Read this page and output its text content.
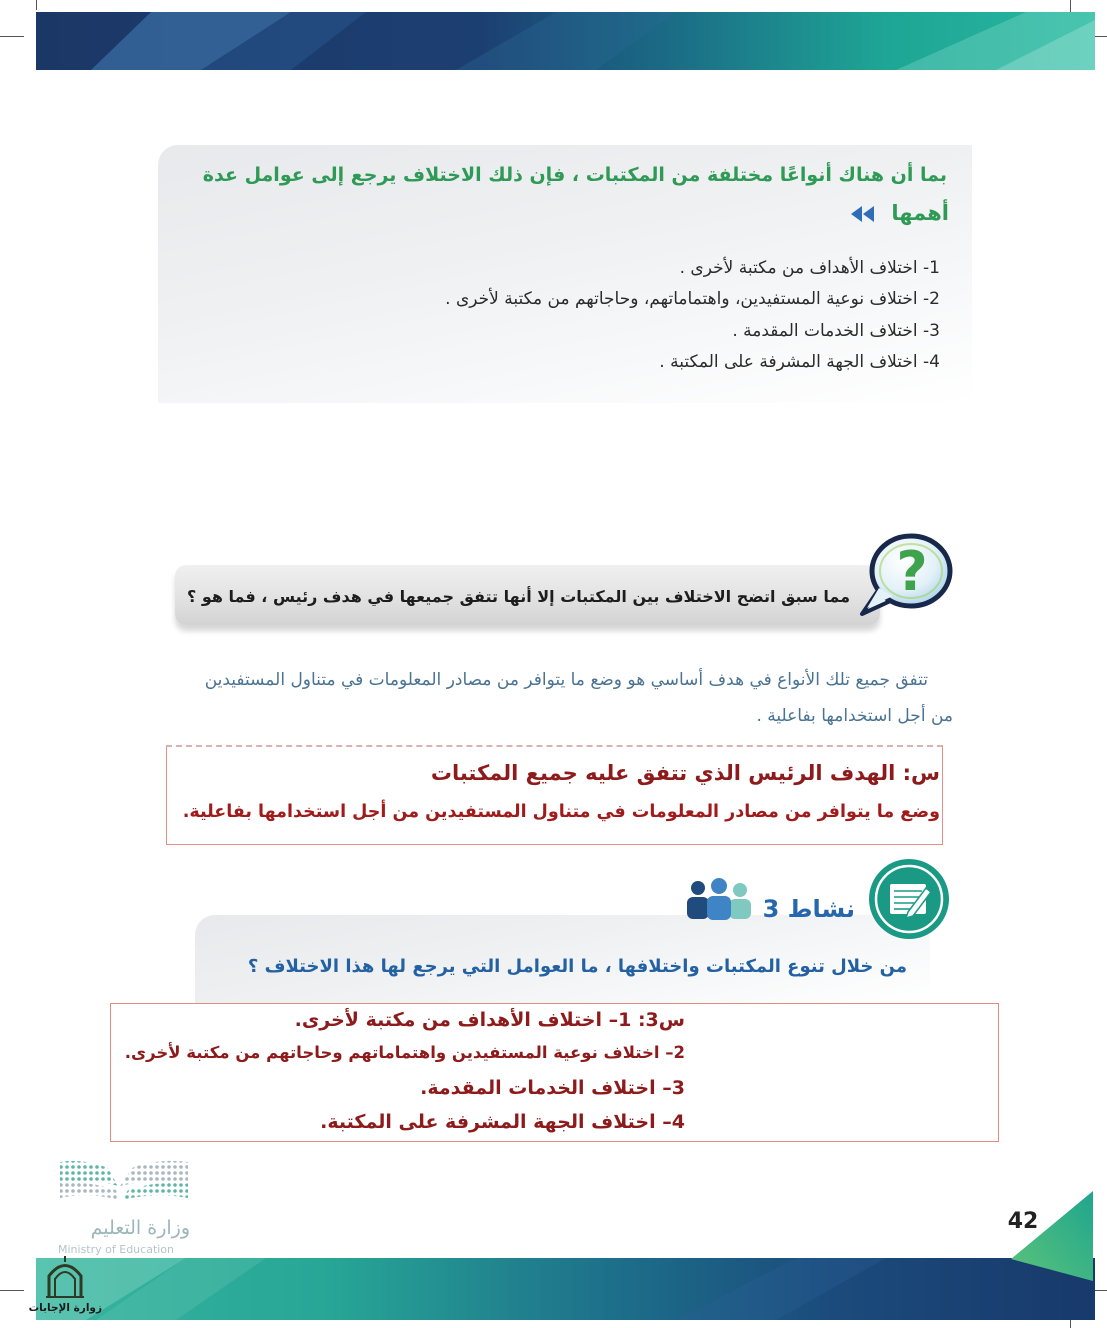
بما أن هناك أنواعًا مختلفة من المكتبات ، فإن ذلك الاختلاف يرجع إلى عوامل عدة
أهمها
1- اختلاف الأهداف من مكتبة لأخرى .
2- اختلاف نوعية المستفيدين، واهتماماتهم، وحاجاتهم من مكتبة لأخرى .
3- اختلاف الخدمات المقدمة .
4- اختلاف الجهة المشرفة على المكتبة .
مما سبق اتضح الاختلاف بين المكتبات إلا أنها تتفق جميعها في هدف رئيس ، فما هو ؟ ?
تتفق جميع تلك الأنواع في هدف أساسي هو وضع ما يتوافر من مصادر المعلومات في متناول المستفيدين
من أجل استخدامها بفاعلية .
س: الهدف الرئيس الذي تتفق عليه جميع المكتبات
وضع ما يتوافر من مصادر المعلومات في متناول المستفيدين من أجل استخدامها بفاعلية.
نشاط 3
من خلال تنوع المكتبات واختلافها ، ما العوامل التي يرجع لها هذا الاختلاف ؟
س3: 1– اختلاف الأهداف من مكتبة لأخرى.
2– اختلاف نوعية المستفيدين واهتماماتهم وحاجاتهم من مكتبة لأخرى.
3– اختلاف الخدمات المقدمة.
4– اختلاف الجهة المشرفة على المكتبة.
وزارة التعليم
Ministry of Education
42
زوارة الإجابات
